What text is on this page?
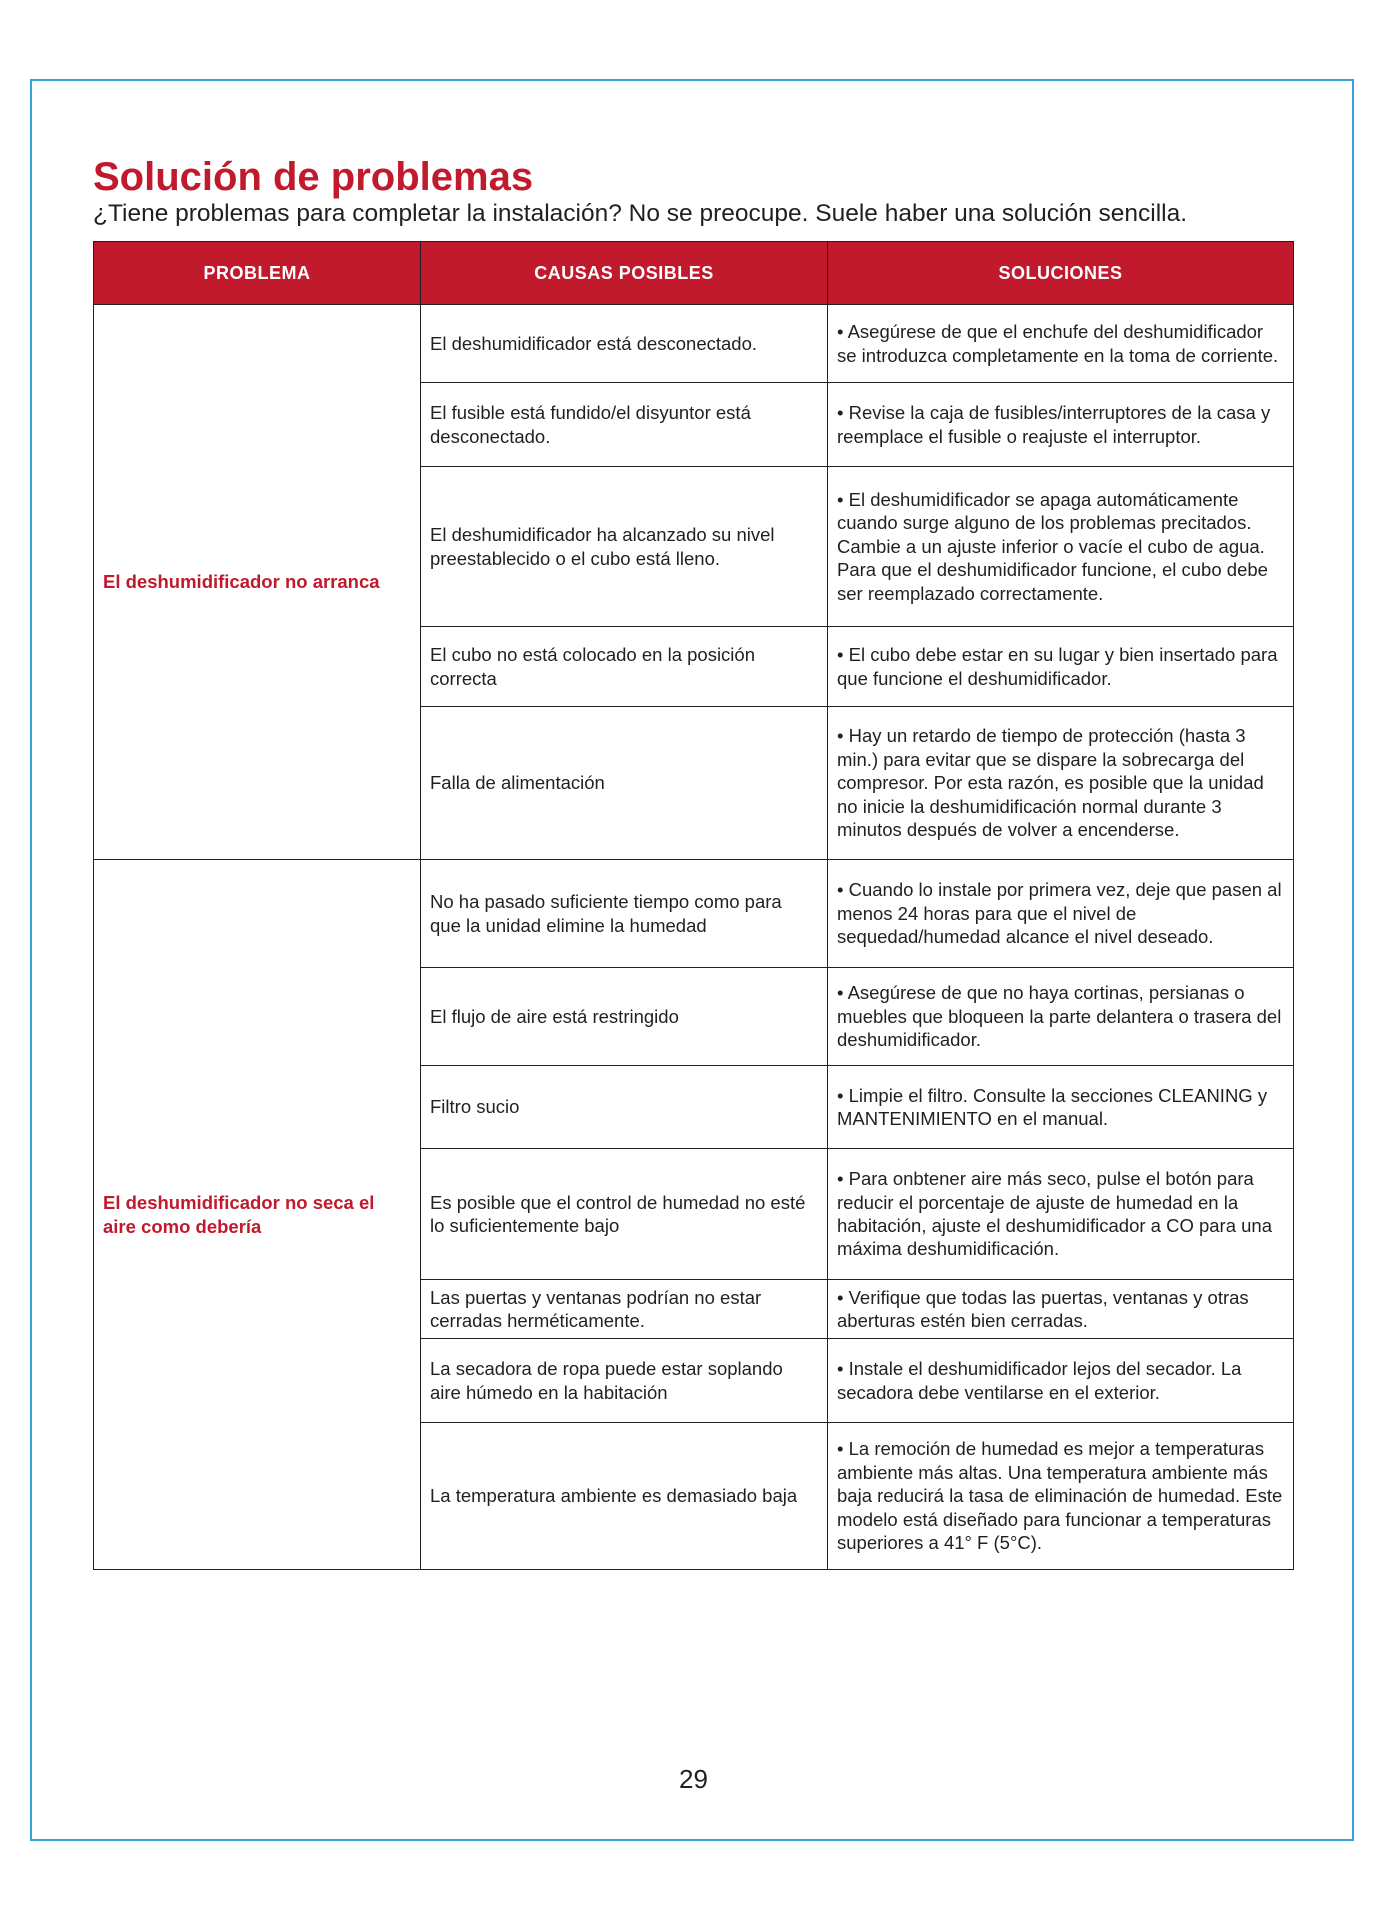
Solución de problemas

¿Tiene problemas para completar la instalación? No se preocupe. Suele haber una solución sencilla.

PROBLEMA	CAUSAS POSIBLES	SOLUCIONES
El deshumidificador no arranca	El deshumidificador está desconectado.	• Asegúrese de que el enchufe del deshumidificador se introduzca completamente en la toma de corriente.
	El fusible está fundido/el disyuntor está desconectado.	• Revise la caja de fusibles/interruptores de la casa y reemplace el fusible o reajuste el interruptor.
	El deshumidificador ha alcanzado su nivel preestablecido o el cubo está lleno.	• El deshumidificador se apaga automáticamente cuando surge alguno de los problemas precitados. Cambie a un ajuste inferior o vacíe el cubo de agua. Para que el deshumidificador funcione, el cubo debe ser reemplazado correctamente.
	El cubo no está colocado en la posición correcta	• El cubo debe estar en su lugar y bien insertado para que funcione el deshumidificador.
	Falla de alimentación	• Hay un retardo de tiempo de protección (hasta 3 min.) para evitar que se dispare la sobrecarga del compresor. Por esta razón, es posible que la unidad no inicie la deshumidificación normal durante 3 minutos después de volver a encenderse.
El deshumidificador no seca el aire como debería	No ha pasado suficiente tiempo como para que la unidad elimine la humedad	• Cuando lo instale por primera vez, deje que pasen al menos 24 horas para que el nivel de sequedad/humedad alcance el nivel deseado.
	El flujo de aire está restringido	• Asegúrese de que no haya cortinas, persianas o muebles que bloqueen la parte delantera o trasera del deshumidificador.
	Filtro sucio	• Limpie el filtro. Consulte la secciones CLEANING y MANTENIMIENTO en el manual.
	Es posible que el control de humedad no esté lo suficientemente bajo	• Para onbtener aire más seco, pulse el botón para reducir el porcentaje de ajuste de humedad en la habitación, ajuste el deshumidificador a CO para una máxima deshumidificación.
	Las puertas y ventanas podrían no estar cerradas herméticamente.	• Verifique que todas las puertas, ventanas y otras aberturas estén bien cerradas.
	La secadora de ropa puede estar soplando aire húmedo en la habitación	• Instale el deshumidificador lejos del secador. La secadora debe ventilarse en el exterior.
	La temperatura ambiente es demasiado baja	• La remoción de humedad es mejor a temperaturas ambiente más altas. Una temperatura ambiente más baja reducirá la tasa de eliminación de humedad. Este modelo está diseñado para funcionar a temperaturas superiores a 41° F (5°C).

29
